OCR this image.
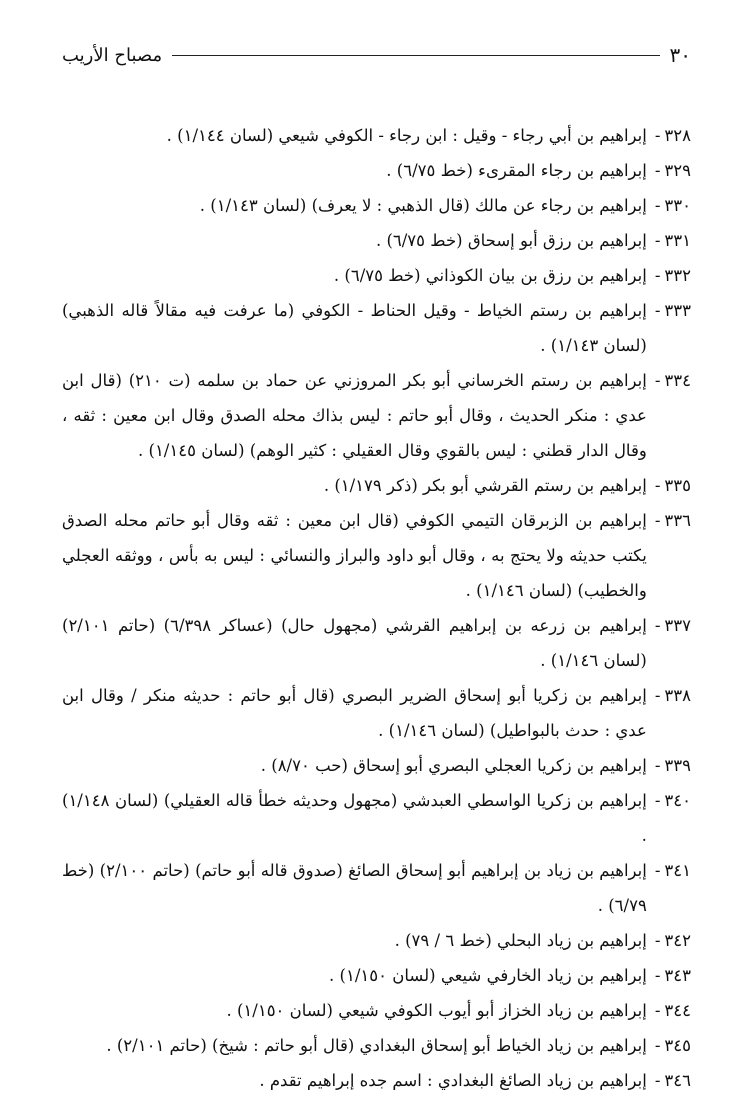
٣٠
مصباح الأريب
٣٢٨-
إبراهيم بن أبي رجاء - وقيل : ابن رجاء - الكوفي شيعي (لسان ١/١٤٤) .
٣٢٩-
إبراهيم بن رجاء المقرىء (خط ٦/٧٥) .
٣٣٠-
إبراهيم بن رجاء عن مالك (قال الذهبي : لا يعرف) (لسان ١/١٤٣) .
٣٣١-
إبراهيم بن رزق أبو إسحاق (خط ٦/٧٥) .
٣٣٢-
إبراهيم بن رزق بن بيان الكوذاني (خط ٦/٧٥) .
٣٣٣-
إبراهيم بن رستم الخياط - وقيل الحناط - الكوفي (ما عرفت فيه مقالاً قاله الذهبي) (لسان ١/١٤٣) .
٣٣٤-
إبراهيم بن رستم الخرساني أبو بكر المروزني عن حماد بن سلمه (ت ٢١٠) (قال ابن عدي : منكر الحديث ، وقال أبو حاتم : ليس بذاك محله الصدق وقال ابن معين : ثقه ، وقال الدار قطني : ليس بالقوي وقال العقيلي : كثير الوهم) (لسان ١/١٤٥) .
٣٣٥-
إبراهيم بن رستم القرشي أبو بكر (ذكر ١/١٧٩) .
٣٣٦-
إبراهيم بن الزبرقان التيمي الكوفي (قال ابن معين : ثقه وقال أبو حاتم محله الصدق يكتب حديثه ولا يحتج به ، وقال أبو داود والبراز والنسائي : ليس به بأس ، ووثقه العجلي والخطيب) (لسان ١/١٤٦) .
٣٣٧-
إبراهيم بن زرعه بن إبراهيم القرشي (مجهول حال) (عساكر ٦/٣٩٨) (حاتم ٢/١٠١) (لسان ١/١٤٦) .
٣٣٨-
إبراهيم بن زكريا أبو إسحاق الضرير البصري (قال أبو حاتم : حديثه منكر / وقال ابن عدي : حدث بالبواطيل) (لسان ١/١٤٦) .
٣٣٩-
إبراهيم بن زكريا العجلي البصري أبو إسحاق (حب ٨/٧٠) .
٣٤٠-
إبراهيم بن زكريا الواسطي العبدشي (مجهول وحديثه خطأ قاله العقيلي) (لسان ١/١٤٨) .
٣٤١-
إبراهيم بن زياد بن إبراهيم أبو إسحاق الصائغ (صدوق قاله أبو حاتم) (حاتم ٢/١٠٠) (خط ٦/٧٩) .
٣٤٢-
إبراهيم بن زياد البحلي (خط ٦ / ٧٩) .
٣٤٣-
إبراهيم بن زياد الخارفي شيعي (لسان ١/١٥٠) .
٣٤٤-
إبراهيم بن زياد الخزاز أبو أيوب الكوفي شيعي (لسان ١/١٥٠) .
٣٤٥-
إبراهيم بن زياد الخياط أبو إسحاق البغدادي (قال أبو حاتم : شيخ) (حاتم ٢/١٠١) .
٣٤٦-
إبراهيم بن زياد الصائغ البغدادي : اسم جده إبراهيم تقدم .
